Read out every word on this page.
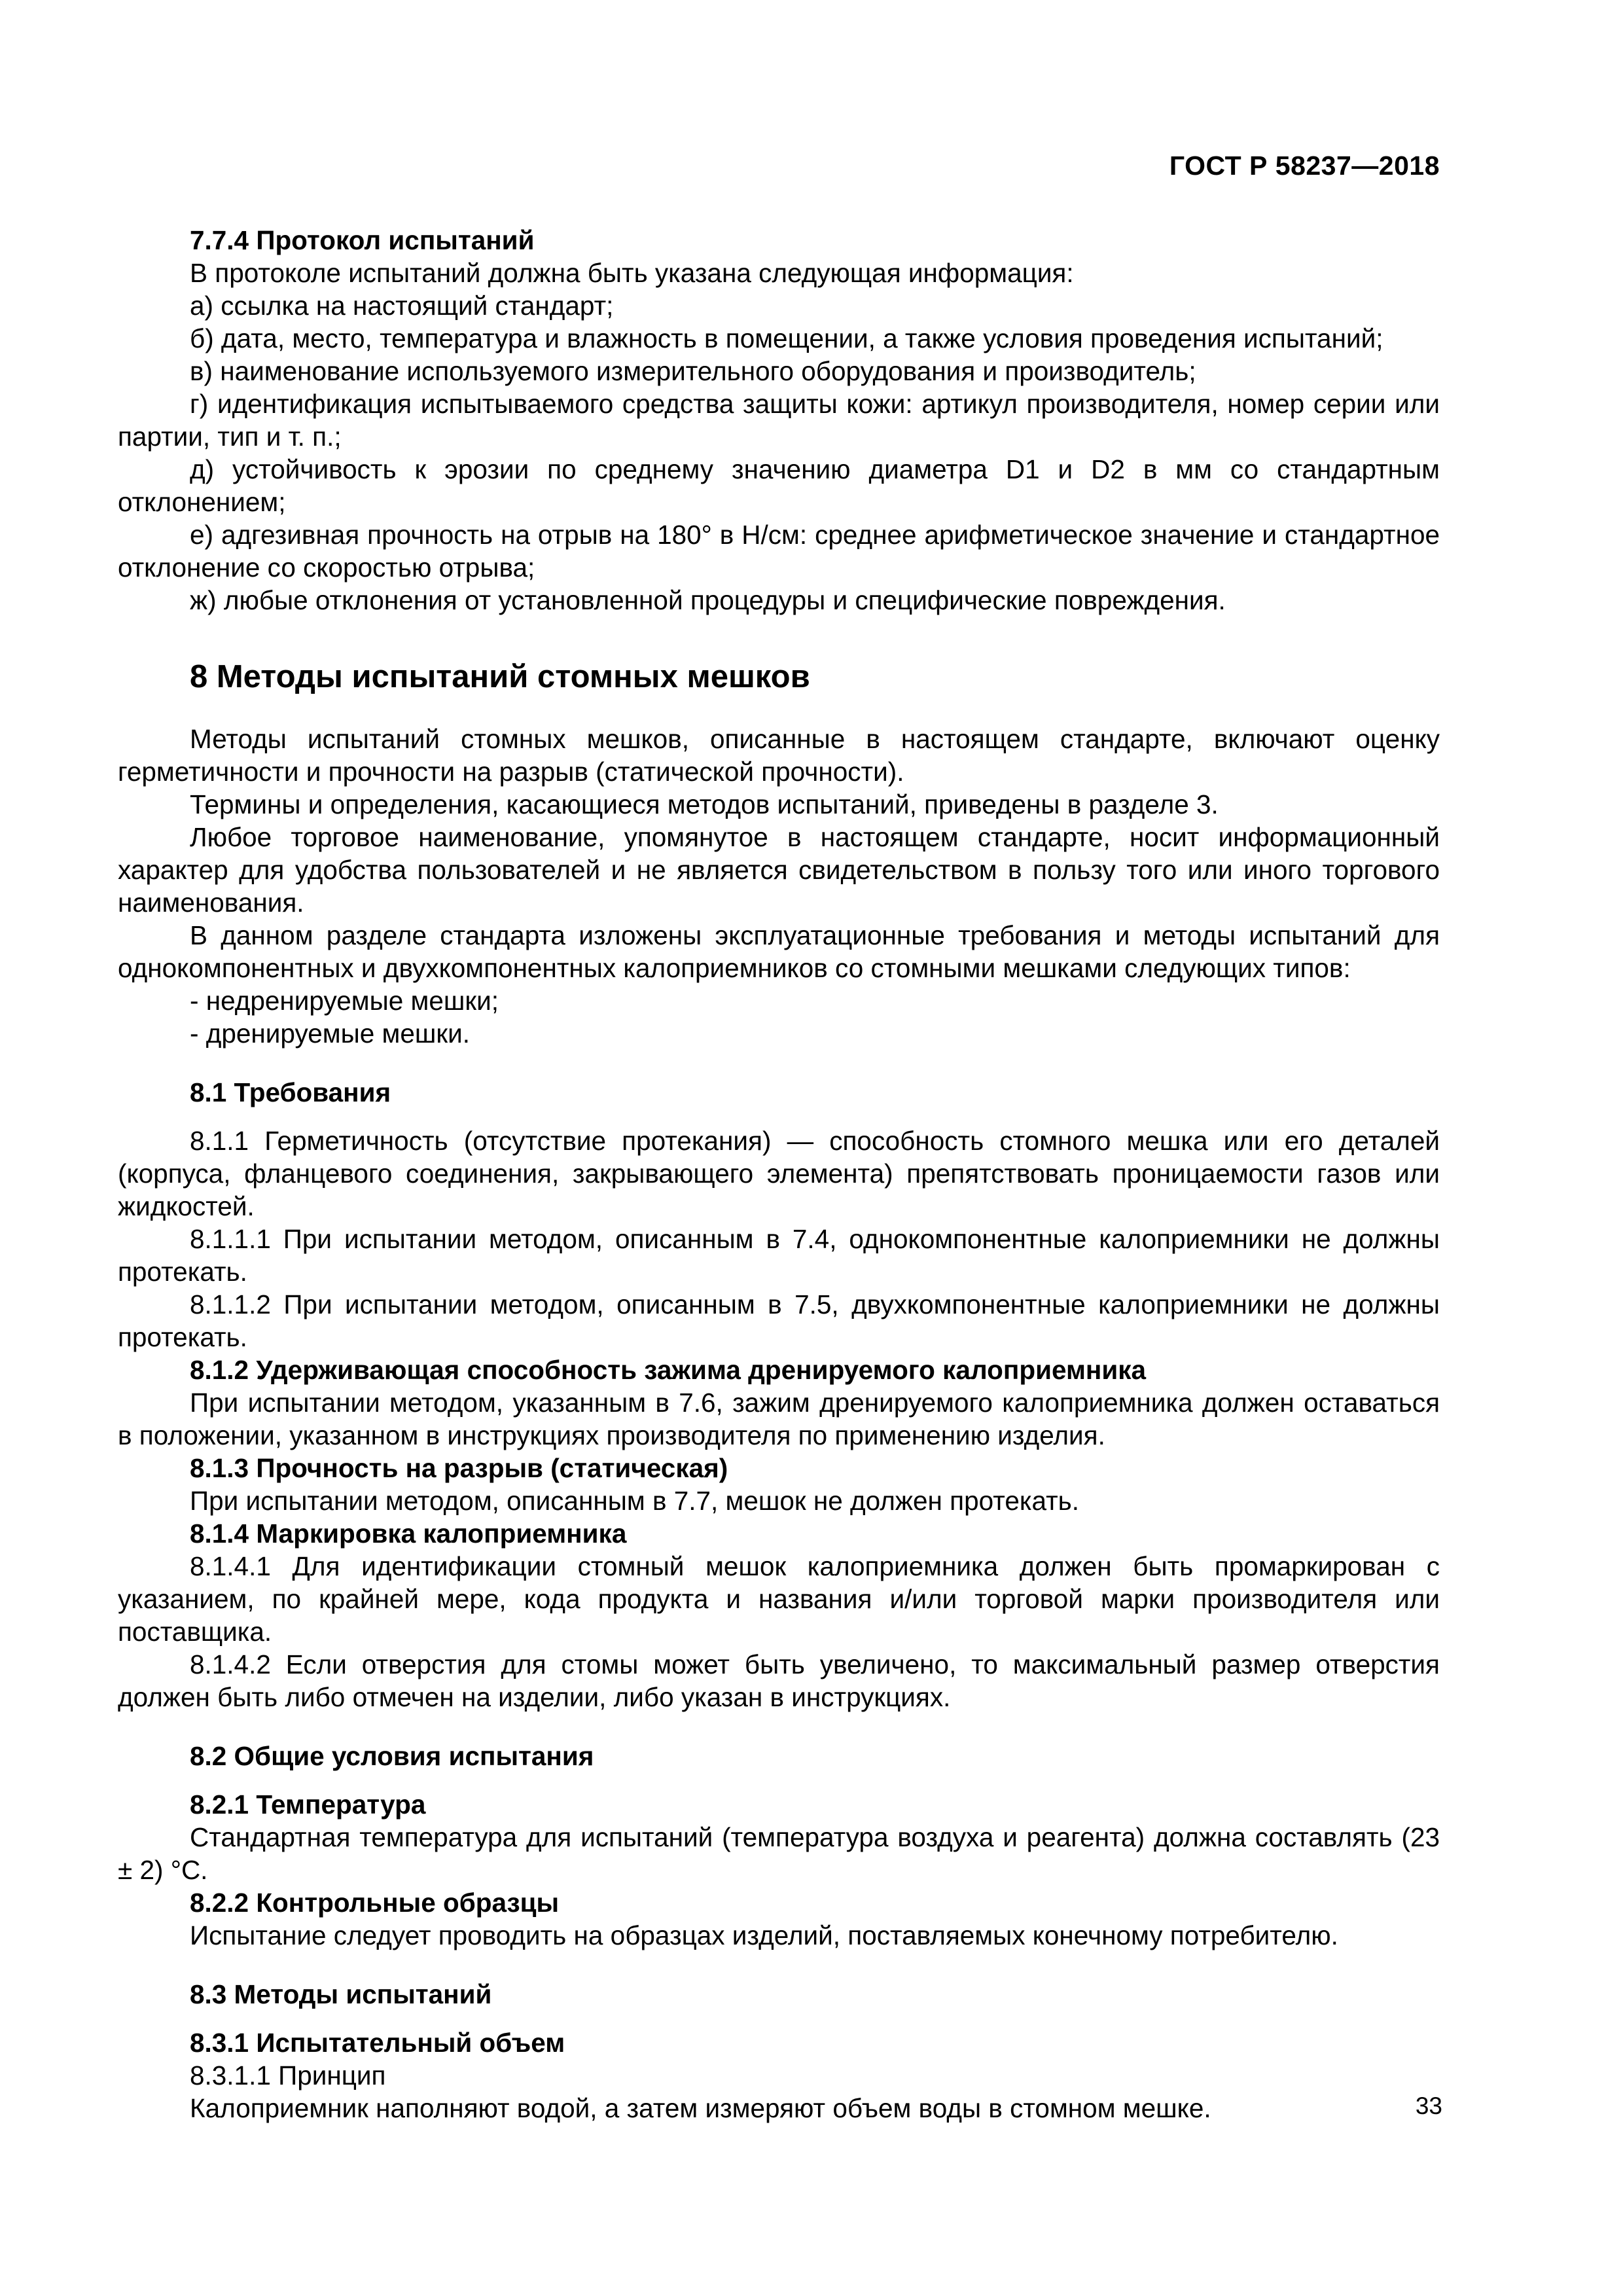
ГОСТ Р 58237—2018

7.7.4 Протокол испытаний

В протоколе испытаний должна быть указана следующая информация:

а) ссылка на настоящий стандарт;

б) дата, место, температура и влажность в помещении, а также условия проведения испытаний;

в) наименование используемого измерительного оборудования и производитель;

г) идентификация испытываемого средства защиты кожи: артикул производителя, номер серии или партии, тип и т. п.;

д) устойчивость к эрозии по среднему значению диаметра D1 и D2 в мм со стандартным отклонением;

е) адгезивная прочность на отрыв на 180° в Н/см: среднее арифметическое значение и стандартное отклонение со скоростью отрыва;

ж) любые отклонения от установленной процедуры и специфические повреждения.

8 Методы испытаний стомных мешков

Методы испытаний стомных мешков, описанные в настоящем стандарте, включают оценку герметичности и прочности на разрыв (статической прочности).

Термины и определения, касающиеся методов испытаний, приведены в разделе 3.

Любое торговое наименование, упомянутое в настоящем стандарте, носит информационный характер для удобства пользователей и не является свидетельством в пользу того или иного торгового наименования.

В данном разделе стандарта изложены эксплуатационные требования и методы испытаний для однокомпонентных и двухкомпонентных калоприемников со стомными мешками следующих типов:

- недренируемые мешки;

- дренируемые мешки.

8.1 Требования

8.1.1 Герметичность (отсутствие протекания) — способность стомного мешка или его деталей (корпуса, фланцевого соединения, закрывающего элемента) препятствовать проницаемости газов или жидкостей.

8.1.1.1 При испытании методом, описанным в 7.4, однокомпонентные калоприемники не должны протекать.

8.1.1.2 При испытании методом, описанным в 7.5, двухкомпонентные калоприемники не должны протекать.

8.1.2 Удерживающая способность зажима дренируемого калоприемника

При испытании методом, указанным в 7.6, зажим дренируемого калоприемника должен оставаться в положении, указанном в инструкциях производителя по применению изделия.

8.1.3 Прочность на разрыв (статическая)

При испытании методом, описанным в 7.7, мешок не должен протекать.

8.1.4 Маркировка калоприемника

8.1.4.1 Для идентификации стомный мешок калоприемника должен быть промаркирован с указанием, по крайней мере, кода продукта и названия и/или торговой марки производителя или поставщика.

8.1.4.2 Если отверстия для стомы может быть увеличено, то максимальный размер отверстия должен быть либо отмечен на изделии, либо указан в инструкциях.

8.2 Общие условия испытания

8.2.1 Температура

Стандартная температура для испытаний (температура воздуха и реагента) должна составлять (23 ± 2) °С.

8.2.2 Контрольные образцы

Испытание следует проводить на образцах изделий, поставляемых конечному потребителю.

8.3 Методы испытаний

8.3.1 Испытательный объем

8.3.1.1 Принцип

Калоприемник наполняют водой, а затем измеряют объем воды в стомном мешке.	33
